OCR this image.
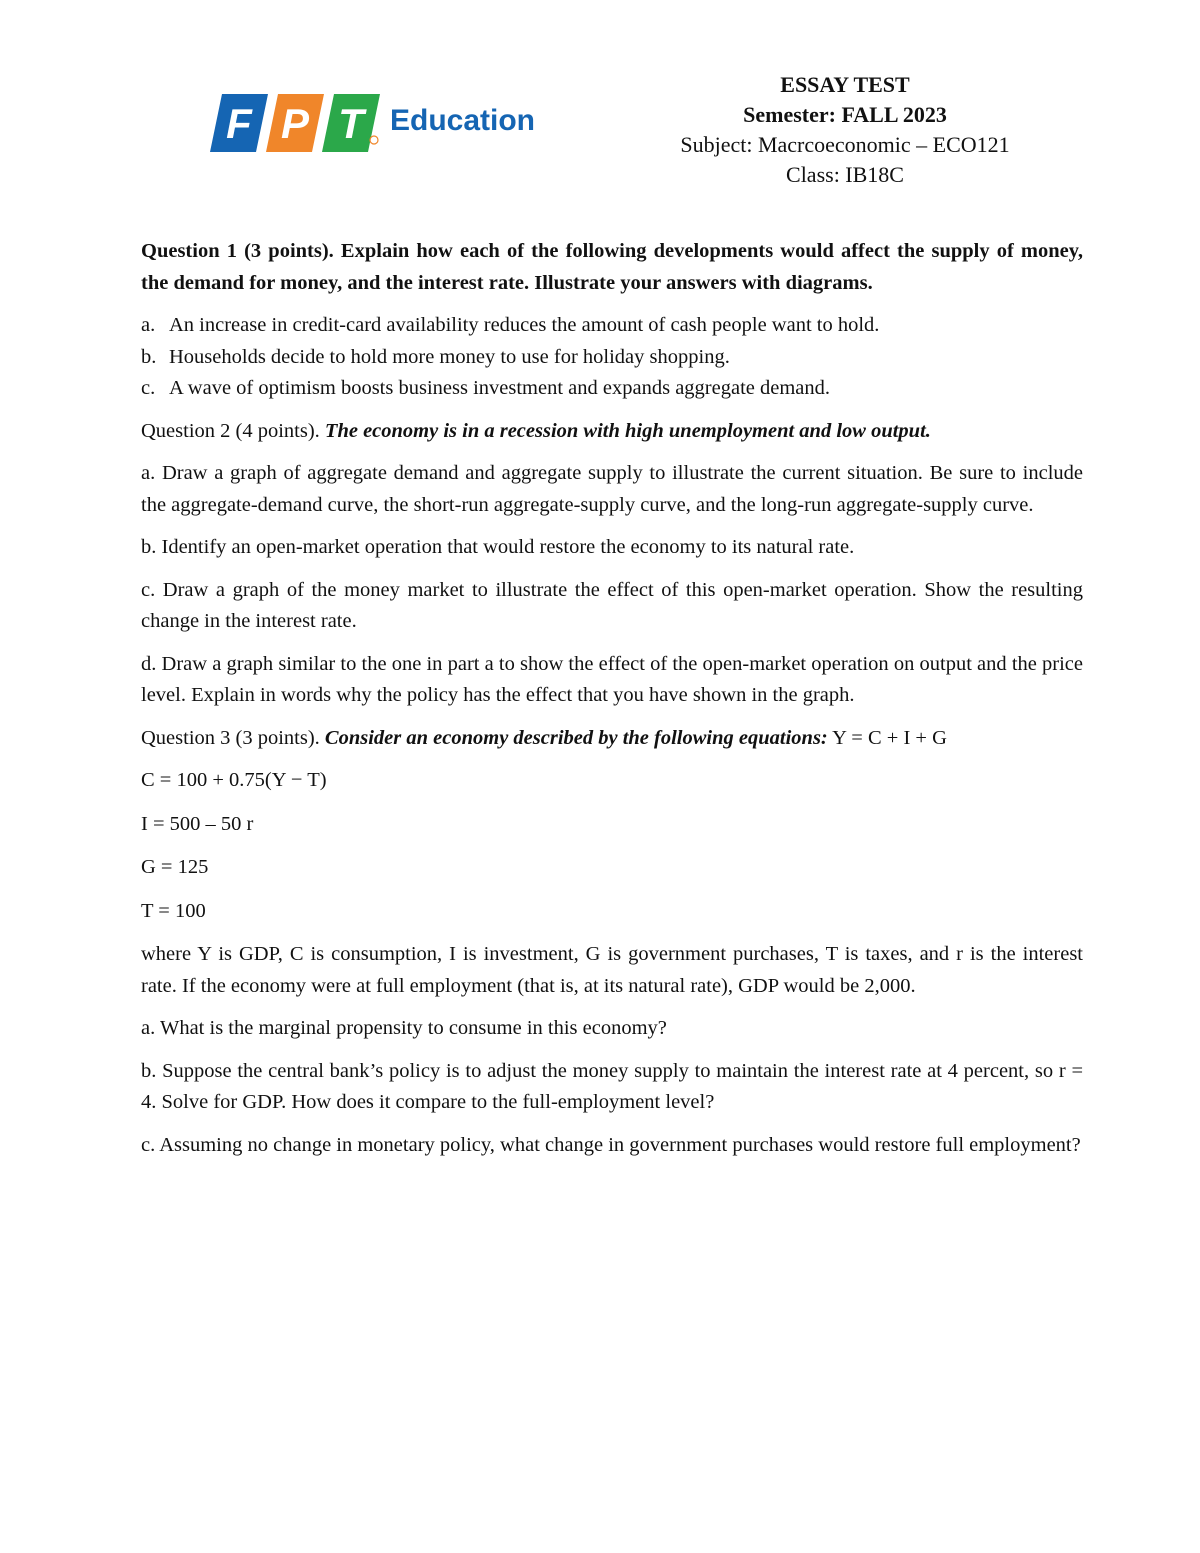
F P T Education
ESSAY TEST
Semester: FALL 2023
Subject: Macrcoeconomic – ECO121
Class: IB18C

Question 1 (3 points). Explain how each of the following developments would affect the supply of money, the demand for money, and the interest rate. Illustrate your answers with diagrams.

a. An increase in credit-card availability reduces the amount of cash people want to hold.
b. Households decide to hold more money to use for holiday shopping.
c. A wave of optimism boosts business investment and expands aggregate demand.

Question 2 (4 points). The economy is in a recession with high unemployment and low output.

a. Draw a graph of aggregate demand and aggregate supply to illustrate the current situation. Be sure to include the aggregate-demand curve, the short-run aggregate-supply curve, and the long-run aggregate-supply curve.

b. Identify an open-market operation that would restore the economy to its natural rate.

c. Draw a graph of the money market to illustrate the effect of this open-market operation. Show the resulting change in the interest rate.

d. Draw a graph similar to the one in part a to show the effect of the open-market operation on output and the price level. Explain in words why the policy has the effect that you have shown in the graph.

Question 3 (3 points). Consider an economy described by the following equations: Y = C + I + G

C = 100 + 0.75(Y − T)
I = 500 – 50 r
G = 125
T = 100

where Y is GDP, C is consumption, I is investment, G is government purchases, T is taxes, and r is the interest rate. If the economy were at full employment (that is, at its natural rate), GDP would be 2,000.

a. What is the marginal propensity to consume in this economy?

b. Suppose the central bank’s policy is to adjust the money supply to maintain the interest rate at 4 percent, so r = 4. Solve for GDP. How does it compare to the full-employment level?

c. Assuming no change in monetary policy, what change in government purchases would restore full employment?
